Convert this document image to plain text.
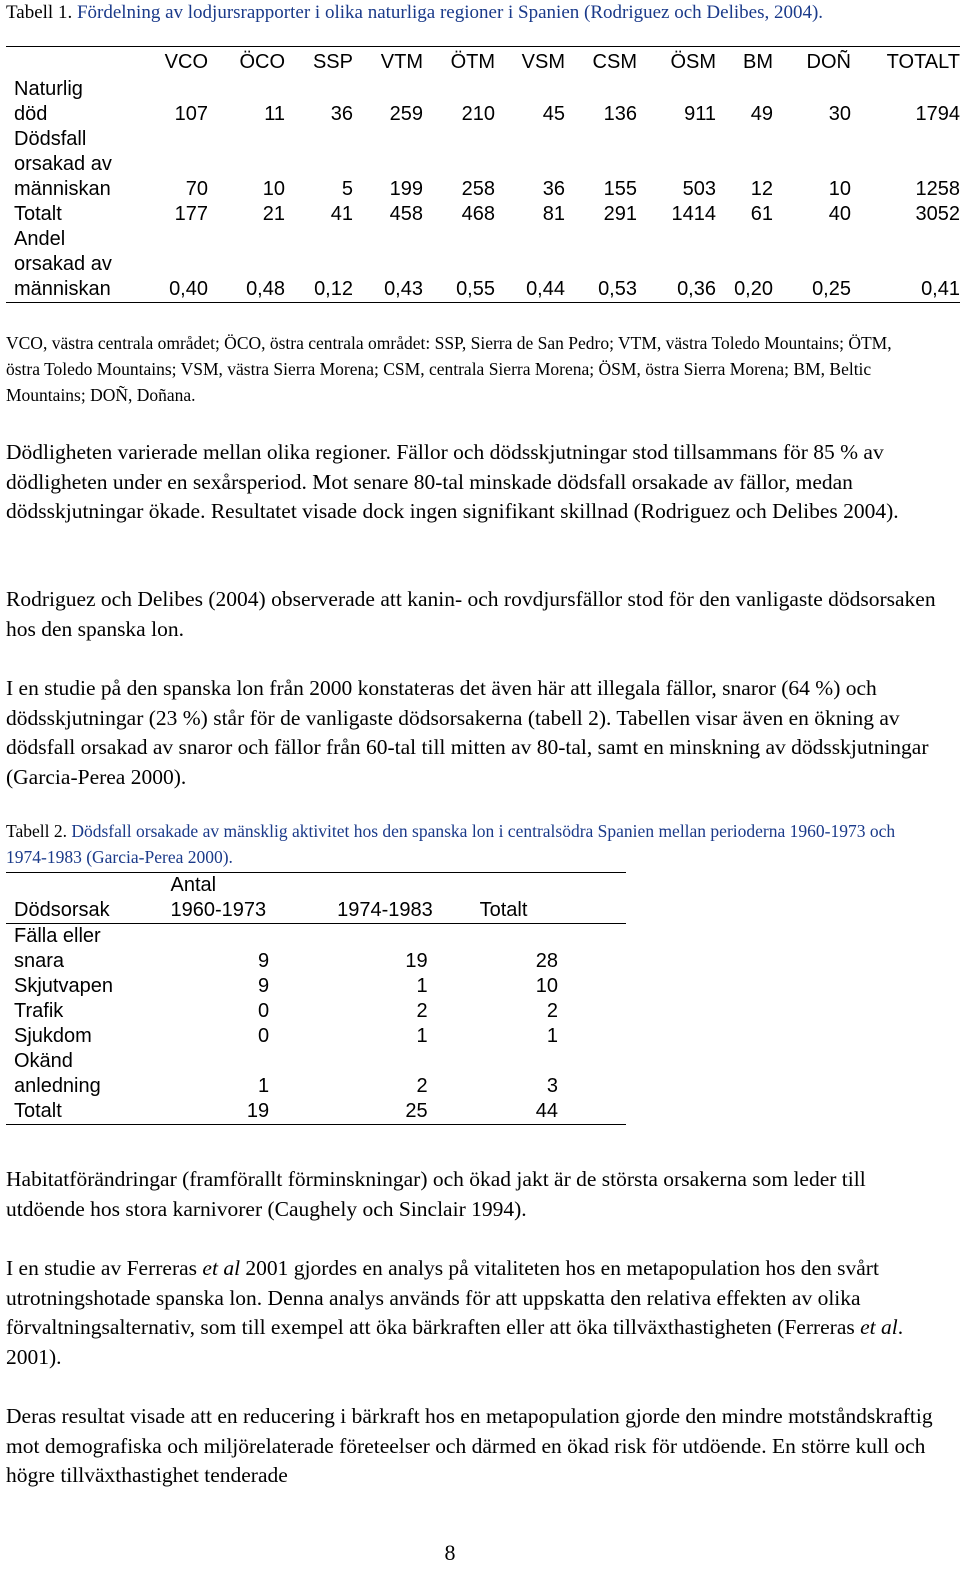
Tabell 1. Fördelning av lodjursrapporter i olika naturliga regioner i Spanien (Rodriguez och Delibes, 2004).
	VCO	ÖCO	SSP	VTM	ÖTM	VSM	CSM	ÖSM	BM	DOÑ	TOTALT
Naturlig
död	107	11	36	259	210	45	136	911	49	30	1794
Dödsfall
orsakad av
människan	70	10	5	199	258	36	155	503	12	10	1258
Totalt	177	21	41	458	468	81	291	1414	61	40	3052
Andel
orsakad av
människan	0,40	0,48	0,12	0,43	0,55	0,44	0,53	0,36	0,20	0,25	0,41
VCO, västra centrala området; ÖCO, östra centrala området: SSP, Sierra de San Pedro; VTM, västra Toledo Mountains; ÖTM, östra Toledo Mountains; VSM, västra Sierra Morena; CSM, centrala Sierra Morena; ÖSM, östra Sierra Morena; BM, Beltic Mountains; DOÑ, Doñana.

Dödligheten varierade mellan olika regioner. Fällor och dödsskjutningar stod tillsammans för 85 % av dödligheten under en sexårsperiod. Mot senare 80-tal minskade dödsfall orsakade av fällor, medan dödsskjutningar ökade. Resultatet visade dock ingen signifikant skillnad (Rodriguez och Delibes 2004).

Rodriguez och Delibes (2004) observerade att kanin- och rovdjursfällor stod för den vanligaste dödsorsaken hos den spanska lon.

I en studie på den spanska lon från 2000 konstateras det även här att illegala fällor, snaror (64 %) och dödsskjutningar (23 %) står för de vanligaste dödsorsakerna (tabell 2). Tabellen visar även en ökning av dödsfall orsakad av snaror och fällor från 60-tal till mitten av 80-tal, samt en minskning av dödsskjutningar (Garcia-Perea 2000).

Tabell 2. Dödsfall orsakade av mänsklig aktivitet hos den spanska lon i centralsödra Spanien mellan perioderna 1960-1973 och 1974-1983 (Garcia-Perea 2000).
	Antal		
Dödsorsak	1960-1973	1974-1983	Totalt
Fälla eller
snara	9	19	28
Skjutvapen	9	1	10
Trafik	0	2	2
Sjukdom	0	1	1
Okänd
anledning	1	2	3
Totalt	19	25	44

Habitatförändringar (framförallt förminskningar) och ökad jakt är de största orsakerna som leder till utdöende hos stora karnivorer (Caughely och Sinclair 1994).

I en studie av Ferreras et al 2001 gjordes en analys på vitaliteten hos en metapopulation hos den svårt utrotningshotade spanska lon. Denna analys används för att uppskatta den relativa effekten av olika förvaltningsalternativ, som till exempel att öka bärkraften eller att öka tillväxthastigheten (Ferreras et al. 2001).

Deras resultat visade att en reducering i bärkraft hos en metapopulation gjorde den mindre motståndskraftig mot demografiska och miljörelaterade företeelser och därmed en ökad risk för utdöende. En större kull och högre tillväxthastighet tenderade

8
